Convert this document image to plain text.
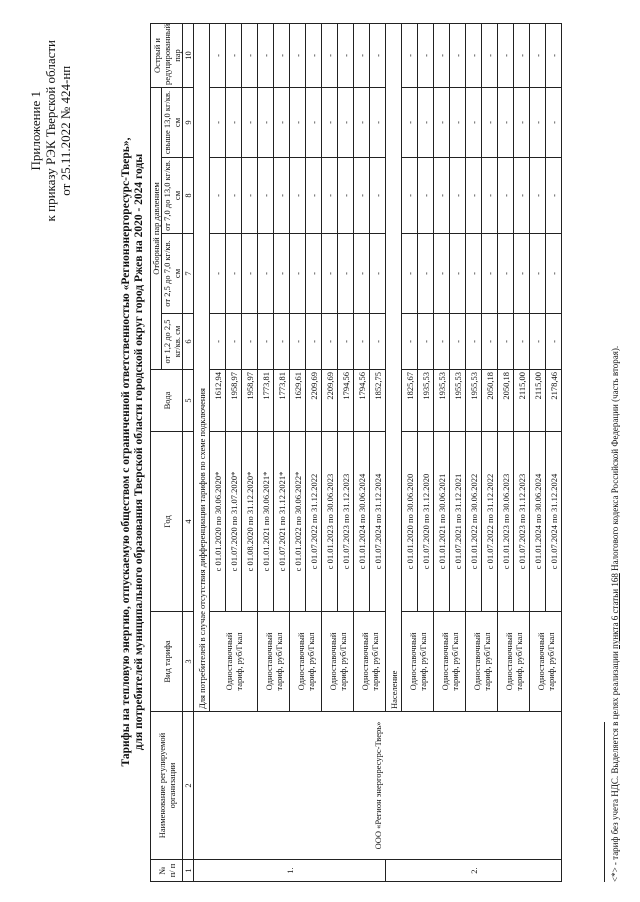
Приложение 1 к приказу РЭК Тверской области от 25.11.2022 № 424-нп
Тарифы на тепловую энергию, отпускаемую обществом с ограниченной ответственностью «Регионэнергоресурс-Тверь», для потребителей муниципального образования Тверской области городской округ город Ржев на 2020 - 2024 годы
№ п/ п	Наименование регулируемой организации	Вид тарифа	Год	Вода	Отборный пар давлением				Острый и редуцированный пар
					от 1,2 до 2,5 кг/кв. см	от 2,5 до 7,0 кг/кв. см	от 7,0 до 13,0 кг/кв. см	свыше 13,0 кг/кв. см	

1	2	3	4	5	6	7	8	9	10
1.	ООО «Регион энергоресурс-Тверь»	Для потребителей в случае отсутствия дифференциации тарифов по схеме подключения							

		Одноставочный тариф, руб/Гкал	с 01.01.2020 по 30.06.2020*	1612,94	-	-	-	-	-
			с 01.07.2020 по 31.07.2020*	1958,97	-	-	-	-	-
			с 01.08.2020 по 31.12.2020*	1958,97	-	-	-	-	-

		Одноставочный тариф, руб/Гкал	с 01.01.2021 по 30.06.2021*	1773,81	-	-	-	-	-
			с 01.07.2021 по 31.12.2021*	1773,81	-	-	-	-	-

		Одноставочный тариф, руб/Гкал	с 01.01.2022 по 30.06.2022*	1629,61	-	-	-	-	-
			с 01.07.2022 по 31.12.2022	2209,69	-	-	-	-	-

		Одноставочный тариф, руб/Гкал	с 01.01.2023 по 30.06.2023	2209,69	-	-	-	-	-
			с 01.07.2023 по 31.12.2023	1794,56	-	-	-	-	-

		Одноставочный тариф, руб/Гкал	с 01.01.2024 по 30.06.2024	1794,56	-	-	-	-	-
			с 01.07.2024 по 31.12.2024	1852,75	-	-	-	-	-
2.		Население							

		Одноставочный тариф, руб/Гкал	с 01.01.2020 по 30.06.2020	1825,67	-	-	-	-	-
			с 01.07.2020 по 31.12.2020	1935,53	-	-	-	-	-

		Одноставочный тариф, руб/Гкал	с 01.01.2021 по 30.06.2021	1935,53	-	-	-	-	-
			с 01.07.2021 по 31.12.2021	1955,53	-	-	-	-	-

		Одноставочный тариф, руб/Гкал	с 01.01.2022 по 30.06.2022	1955,53	-	-	-	-	-
			с 01.07.2022 по 31.12.2022	2050,18	-	-	-	-	-

		Одноставочный тариф, руб/Гкал	с 01.01.2023 по 30.06.2023	2050,18	-	-	-	-	-
			с 01.07.2023 по 31.12.2023	2115,00	-	-	-	-	-

		Одноставочный тариф, руб/Гкал	с 01.01.2024 по 30.06.2024	2115,00	-	-	-	-	-
			с 01.07.2024 по 31.12.2024	2178,46	-	-	-	-	-
<*> - тариф без учета НДС. Выделяется в целях реализации пункта 6 статьи 168 Налогового кодекса Российской Федерации (часть вторая).
